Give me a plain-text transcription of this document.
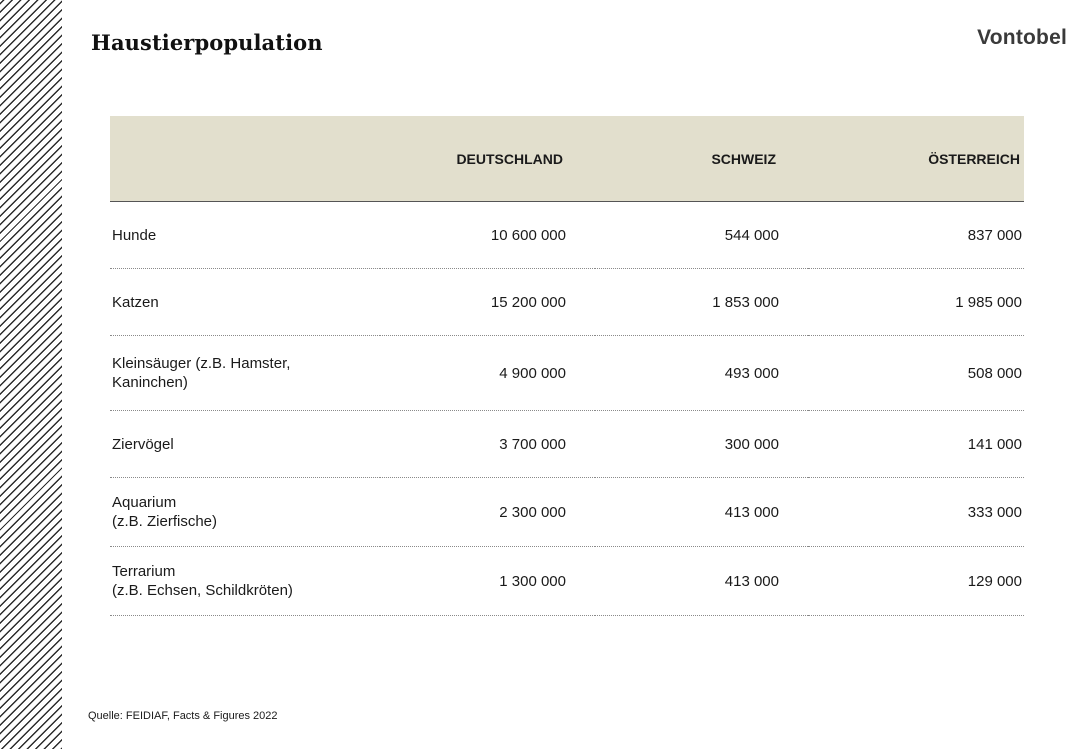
Haustierpopulation	Vontobel
	DEUTSCHLAND	SCHWEIZ	ÖSTERREICH
Hunde	10 600 000	544 000	837 000
Katzen	15 200 000	1 853 000	1 985 000
Kleinsäuger (z.B. Hamster,
Kaninchen)	4 900 000	493 000	508 000
Ziervögel	3 700 000	300 000	141 000
Aquarium
(z.B. Zierfische)	2 300 000	413 000	333 000
Terrarium
(z.B. Echsen, Schildkröten)	1 300 000	413 000	129 000
Quelle: FEIDIAF, Facts & Figures 2022
